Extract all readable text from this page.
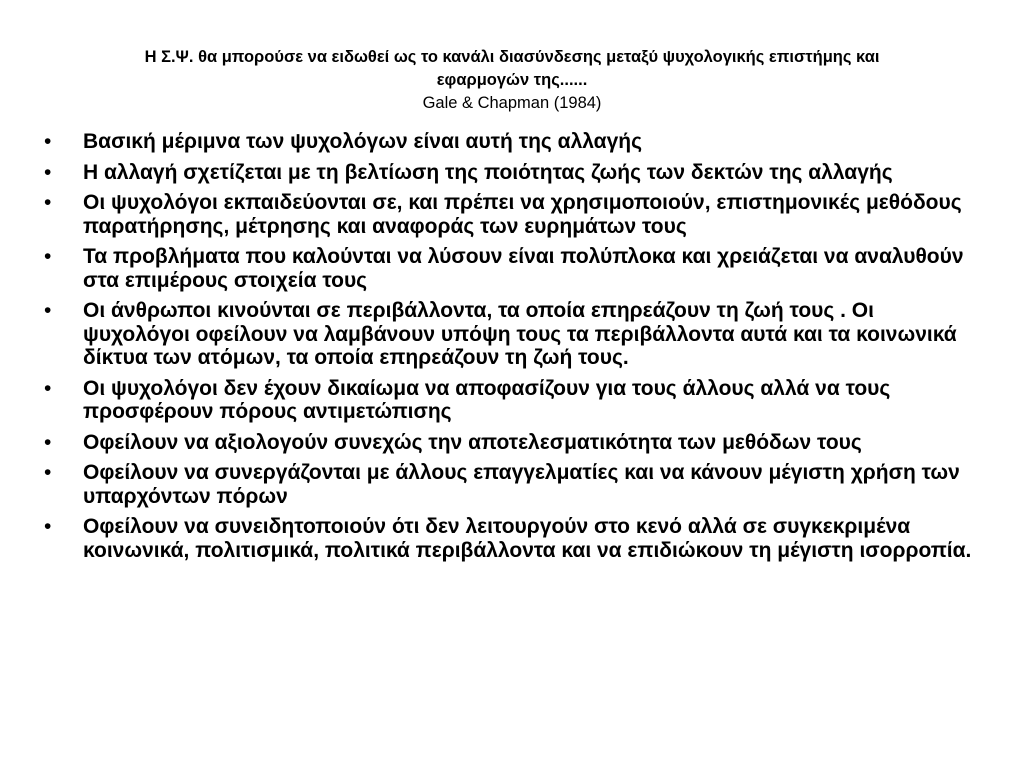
Η Σ.Ψ. θα μπορούσε να ειδωθεί ως το κανάλι διασύνδεσης μεταξύ ψυχολογικής επιστήμης και

εφαρμογών της......

Gale & Chapman (1984)

• Βασική μέριμνα των ψυχολόγων είναι αυτή της αλλαγής
• Η αλλαγή σχετίζεται με τη βελτίωση της ποιότητας ζωής των δεκτών της αλλαγής
• Οι ψυχολόγοι εκπαιδεύονται σε, και πρέπει να χρησιμοποιούν, επιστημονικές μεθόδους παρατήρησης, μέτρησης και αναφοράς των ευρημάτων τους
• Τα προβλήματα που καλούνται να λύσουν είναι πολύπλοκα και χρειάζεται να αναλυθούν στα επιμέρους στοιχεία τους
• Οι άνθρωποι κινούνται σε περιβάλλοντα, τα οποία επηρεάζουν τη ζωή τους . Οι ψυχολόγοι οφείλουν να λαμβάνουν υπόψη τους τα περιβάλλοντα αυτά και τα κοινωνικά δίκτυα των ατόμων, τα οποία επηρεάζουν τη ζωή τους.
• Οι ψυχολόγοι δεν έχουν δικαίωμα να αποφασίζουν για τους άλλους αλλά να τους προσφέρουν πόρους αντιμετώπισης
• Οφείλουν να αξιολογούν συνεχώς την αποτελεσματικότητα των μεθόδων τους
• Οφείλουν να συνεργάζονται με άλλους επαγγελματίες και να κάνουν μέγιστη χρήση των υπαρχόντων πόρων
• Οφείλουν να συνειδητοποιούν ότι δεν λειτουργούν στο κενό αλλά σε συγκεκριμένα κοινωνικά, πολιτισμικά, πολιτικά περιβάλλοντα και να επιδιώκουν τη μέγιστη ισορροπία.
